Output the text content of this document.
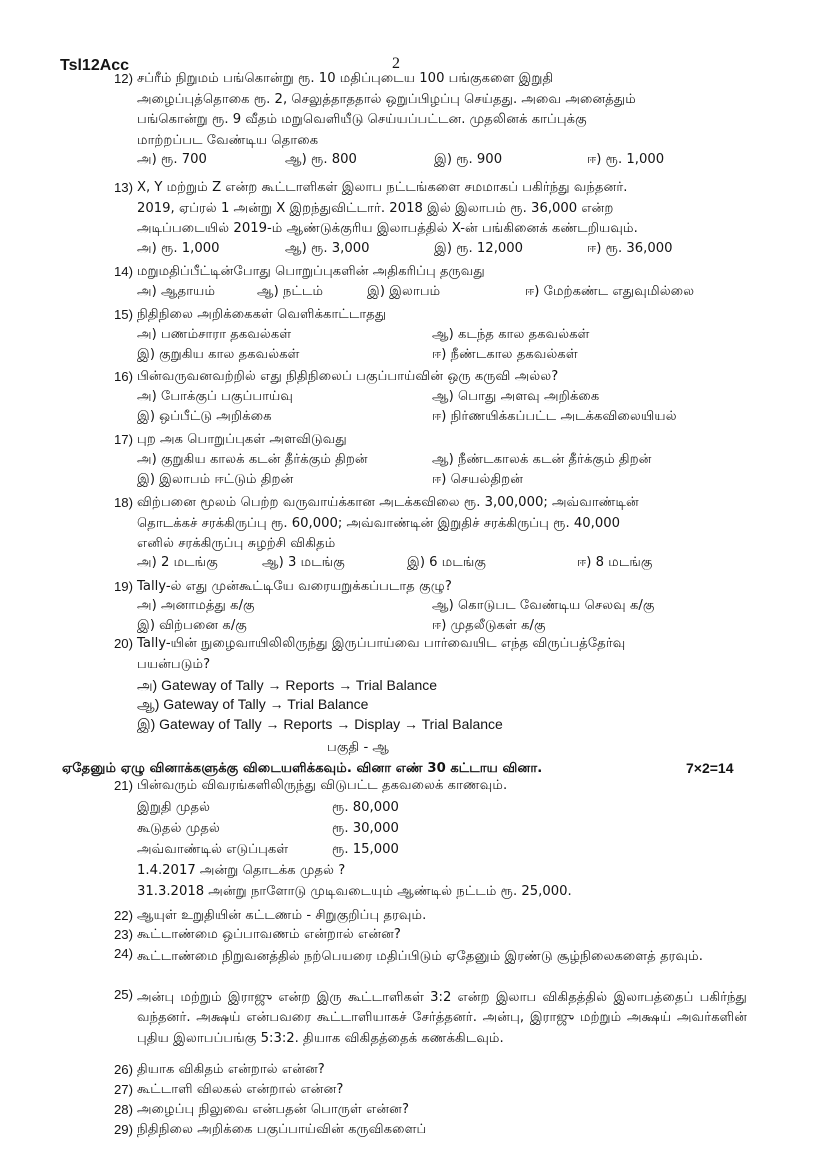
Tsl12Acc	2
12) சப்ரீம் நிறுமம் பங்கொன்று ரூ. 10 மதிப்புடைய 100 பங்குகளை இறுதி
அழைப்புத்தொகை ரூ. 2, செலுத்தாததால் ஒறுப்பிழப்பு செய்தது. அவை அனைத்தும்
பங்கொன்று ரூ. 9 வீதம் மறுவெளியீடு செய்யப்பட்டன. முதலினக் காப்புக்கு
மாற்றப்பட வேண்டிய தொகை
அ) ரூ. 700	ஆ) ரூ. 800	இ) ரூ. 900	ஈ) ரூ. 1,000
13) X, Y மற்றும் Z என்ற கூட்டாளிகள் இலாப நட்டங்களை சமமாகப் பகிர்ந்து வந்தனர்.
2019, ஏப்ரல் 1 அன்று X இறந்துவிட்டார். 2018 இல் இலாபம் ரூ. 36,000 என்ற
அடிப்படையில் 2019-ம் ஆண்டுக்குரிய இலாபத்தில் X-ன் பங்கினைக் கண்டறியவும்.
அ) ரூ. 1,000	ஆ) ரூ. 3,000	இ) ரூ. 12,000	ஈ) ரூ. 36,000
14) மறுமதிப்பீட்டின்போது பொறுப்புகளின் அதிகரிப்பு தருவது
அ) ஆதாயம்	ஆ) நட்டம்	இ) இலாபம்	ஈ) மேற்கண்ட எதுவுமில்லை
15) நிதிநிலை அறிக்கைகள் வெளிக்காட்டாதது
அ) பணம்சாரா தகவல்கள்	ஆ) கடந்த கால தகவல்கள்
இ) குறுகிய கால தகவல்கள்	ஈ) நீண்டகால தகவல்கள்
16) பின்வருவனவற்றில் எது நிதிநிலைப் பகுப்பாய்வின் ஒரு கருவி அல்ல?
அ) போக்குப் பகுப்பாய்வு	ஆ) பொது அளவு அறிக்கை
இ) ஒப்பீட்டு அறிக்கை	ஈ) நிர்ணயிக்கப்பட்ட அடக்கவிலையியல்
17) புற அக பொறுப்புகள் அளவிடுவது
அ) குறுகிய காலக் கடன் தீர்க்கும் திறன்	ஆ) நீண்டகாலக் கடன் தீர்க்கும் திறன்
இ) இலாபம் ஈட்டும் திறன்	ஈ) செயல்திறன்
18) விற்பனை மூலம் பெற்ற வருவாய்க்கான அடக்கவிலை ரூ. 3,00,000; அவ்வாண்டின்
தொடக்கச் சரக்கிருப்பு ரூ. 60,000; அவ்வாண்டின் இறுதிச் சரக்கிருப்பு ரூ. 40,000
எனில் சரக்கிருப்பு சுழற்சி விகிதம்
அ) 2 மடங்கு	ஆ) 3 மடங்கு	இ) 6 மடங்கு	ஈ) 8 மடங்கு
19) Tally-ல் எது முன்கூட்டியே வரையறுக்கப்படாத குழு?
அ) அனாமத்து க/கு	ஆ) கொடுபட வேண்டிய செலவு க/கு
இ) விற்பனை க/கு	ஈ) முதலீடுகள் க/கு
20) Tally-யின் நுழைவாயிலிலிருந்து இருப்பாய்வை பார்வையிட எந்த விருப்பத்தேர்வு
பயன்படும்?
அ) Gateway of Tally → Reports → Trial Balance
ஆ) Gateway of Tally → Trial Balance
இ) Gateway of Tally → Reports → Display → Trial Balance
பகுதி - ஆ
ஏதேனும் ஏழு வினாக்களுக்கு விடையளிக்கவும். வினா எண் 30 கட்டாய வினா.	7×2=14
21) பின்வரும் விவரங்களிலிருந்து விடுபட்ட தகவலைக் காணவும்.
இறுதி முதல்	ரூ. 80,000
கூடுதல் முதல்	ரூ. 30,000
அவ்வாண்டில் எடுப்புகள்	ரூ. 15,000
1.4.2017 அன்று தொடக்க முதல் ?
31.3.2018 அன்று நாளோடு முடிவடையும் ஆண்டில் நட்டம் ரூ. 25,000.
22) ஆயுள் உறுதியின் கட்டணம் - சிறுகுறிப்பு தரவும்.
23) கூட்டாண்மை ஒப்பாவணம் என்றால் என்ன?
24) கூட்டாண்மை நிறுவனத்தில் நற்பெயரை மதிப்பிடும் ஏதேனும் இரண்டு சூழ்நிலைகளைத் தரவும்.
25) அன்பு மற்றும் இராஜு என்ற இரு கூட்டாளிகள் 3:2 என்ற இலாப விகிதத்தில் இலாபத்தைப் பகிர்ந்து வந்தனர். அக்ஷய் என்பவரை கூட்டாளியாகச் சேர்த்தனர். அன்பு, இராஜு மற்றும் அக்ஷய் அவர்களின் புதிய இலாபப்பங்கு 5:3:2. தியாக விகிதத்தைக் கணக்கிடவும்.
26) தியாக விகிதம் என்றால் என்ன?
27) கூட்டாளி விலகல் என்றால் என்ன?
28) அழைப்பு நிலுவை என்பதன் பொருள் என்ன?
29) நிதிநிலை அறிக்கை பகுப்பாய்வின் கருவிகளைப்
